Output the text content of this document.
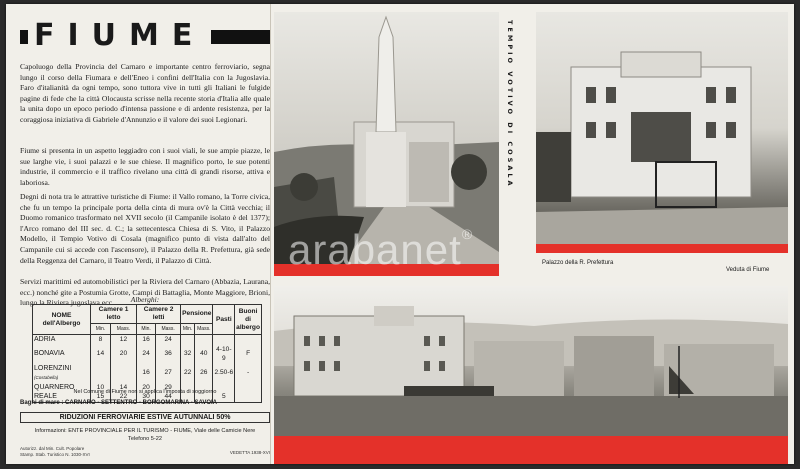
FIUME

Capoluogo della Provincia del Carnaro e importante centro ferroviario, segna lungo il corso della Fiumara e dell'Eneo i confini dell'Italia con la Jugoslavia. Faro d'italianità da ogni tempo, sono tuttora vive in tutti gli Italiani le fulgide pagine di fede che la città Olocausta scrisse nella recente storia d'Italia alle quale la unita dopo un epoco periodo d'intensa passione e di ardente resistenza, per la coraggiosa iniziativa di Gabriele d'Annunzio e il valore dei suoi Legionari.

Fiume si presenta in un aspetto leggiadro con i suoi viali, le sue ampie piazze, le sue larghe vie, i suoi palazzi e le sue chiese. Il magnifico porto, le sue potenti industrie, il commercio e il traffico rivelano una città di grandi risorse, attiva e laboriosa.

Degni di nota tra le attrattive turistiche di Fiume: il Vallo romano, la Torre civica, che fu un tempo la principale porta della cinta di mura ov'è la Città vecchia; il Duomo romanico trasformato nel XVII secolo (il Campanile isolato è del 1377); l'Arco romano del III sec. d. C.; la settecentesca Chiesa di S. Vito, il Palazzo Modello, il Tempio Votivo di Cosala (magnifico punto di vista dall'alto del Campanile cui si accede con l'ascensore), il Palazzo della R. Prefettura, già sede della Reggenza del Carnaro, il Teatro Verdi, il Palazzo di Città.

Servizi marittimi ed automobilistici per la Riviera del Carnaro (Abbazia, Laurana, ecc.) nonché gite a Postumia Grotte, Campi di Battaglia, Monte Maggiore, Brioni, lungo la Riviera jugoslava ecc.	Alberghi:
NOME dell'Albergo	Camere 1 letto		Camere 2 letti		Pensione		Pasti	Buoni di albergo
	Min.	Mass.	Min.	Mass.	Min.	Mass.		
ADRIA	8	12	16	24				
BONAVIA	14	20	24	36	32	40	4-10-9	F
LORENZINI
(Costabella)			16	27	22	26	2.50-6	-
QUARNERO	10	14	20	29				
REALE	15	22	30	44			5	
Nel Comune di Fiume non si applica l'imposta di soggiorno
Bagni di mare : CARNARO - SETTENTRO - BORGOMARINA - SAVOIA
RIDUZIONI FERROVIARIE ESTIVE AUTUNNALI 50%
Informazioni: ENTE PROVINCIALE PER IL TURISMO - FIUME, Viale delle Camicie Nere
Telefono 5-22
Autorizz. dal Min. Cult. Popolare
Stamp. Stab. Turistico N. 1030-XVI	VEDETTA 1938-XVI
TEMPIO VOTIVO DI COSALA
Palazzo della R. Prefettura
Veduta di Fiume
arabanet®
